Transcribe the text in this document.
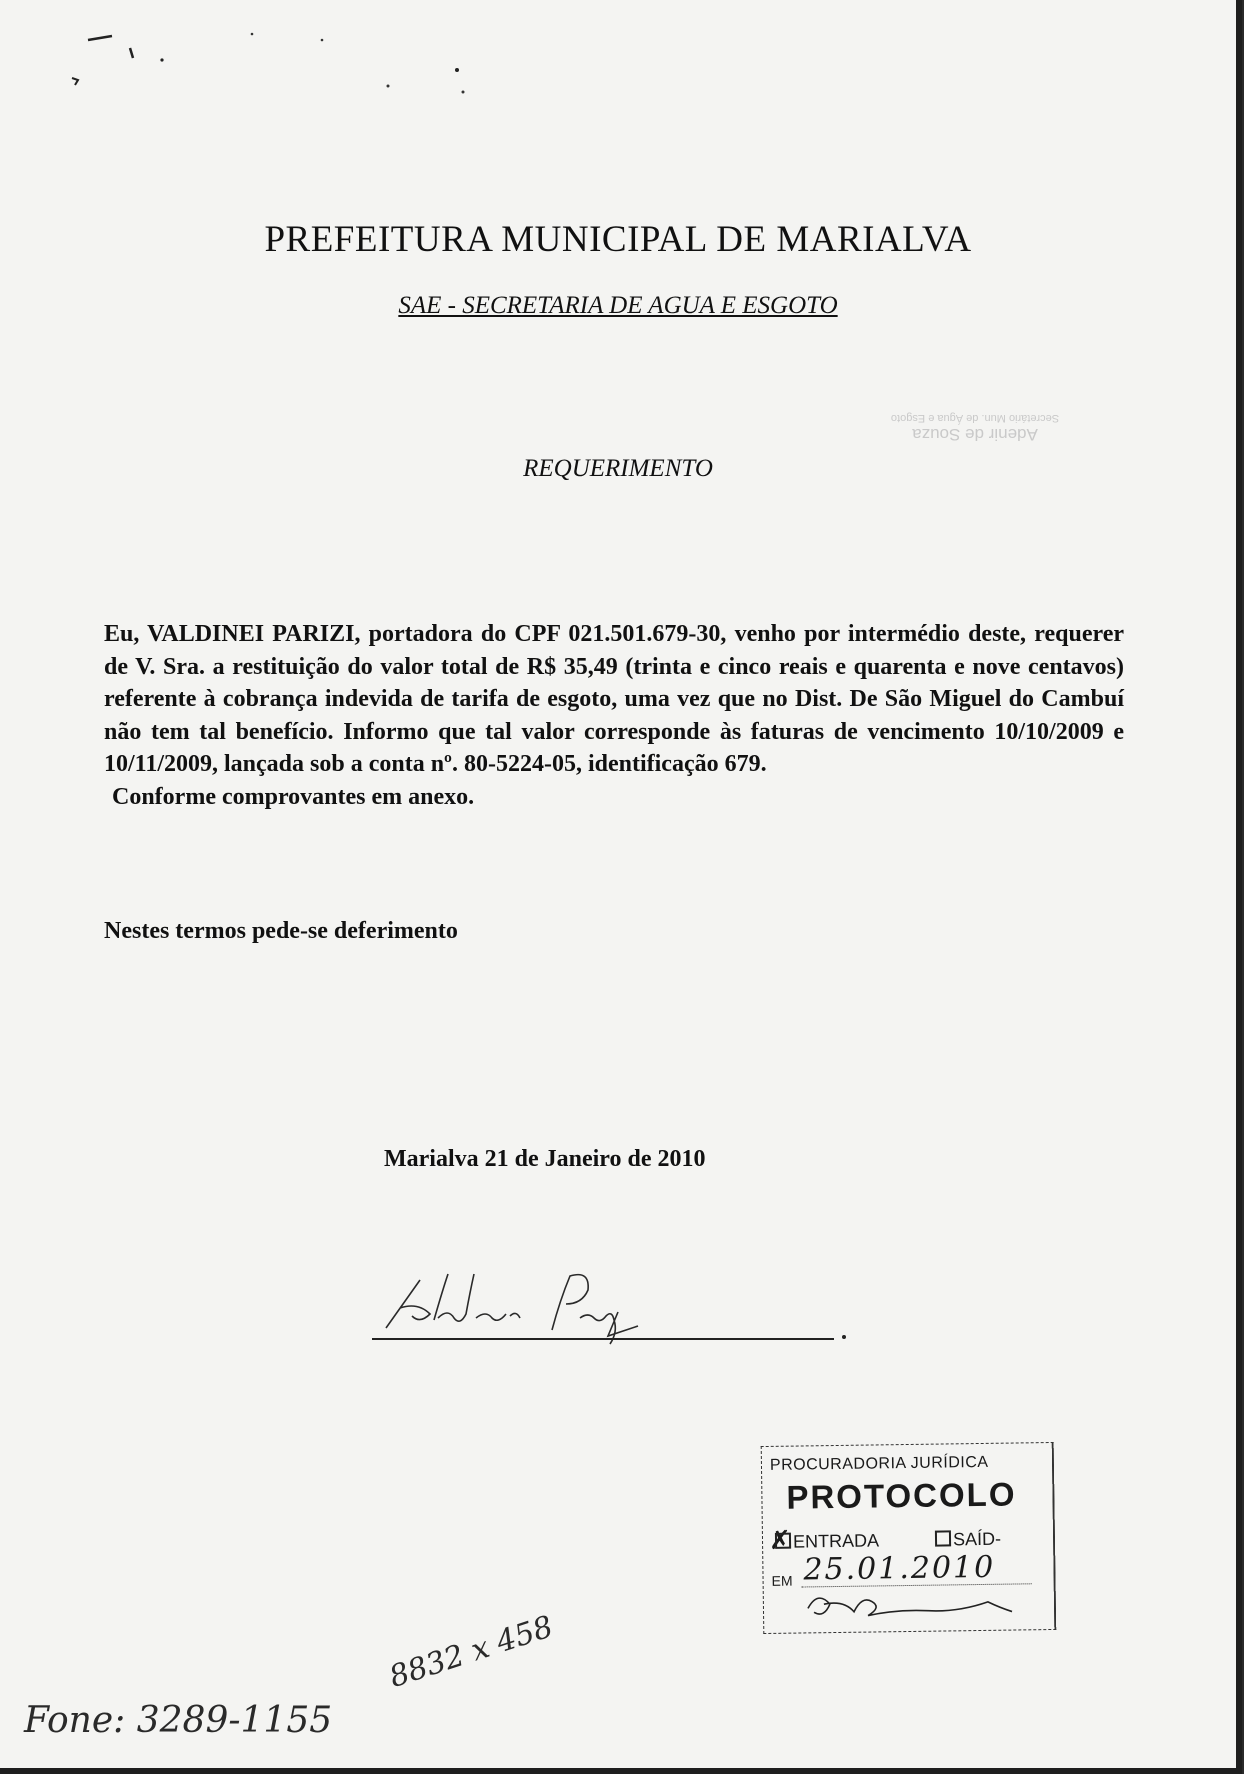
PREFEITURA MUNICIPAL DE MARIALVA
SAE - SECRETARIA DE AGUA E ESGOTO
Adenir de Souza
Secretário Mun. de Água e Esgoto
REQUERIMENTO

Eu, VALDINEI PARIZI, portadora do CPF 021.501.679-30, venho por intermédio deste, requerer de V. Sra. a restituição do valor total de R$ 35,49 (trinta e cinco reais e quarenta e nove centavos) referente à cobrança indevida de tarifa de esgoto, uma vez que no Dist. De São Miguel do Cambuí não tem tal benefício. Informo que tal valor corresponde às faturas de vencimento 10/10/2009 e 10/11/2009, lançada sob a conta nº. 80-5224-05, identificação 679.

Conforme comprovantes em anexo.

Nestes termos pede-se deferimento
Marialva 21 de Janeiro de 2010
PROCURADORIA JURÍDICA
PROTOCOLO
✗ ENTRADA	SAÍD-
EM 25.01.2010
Fone: 3289-1155
8832 x 458
